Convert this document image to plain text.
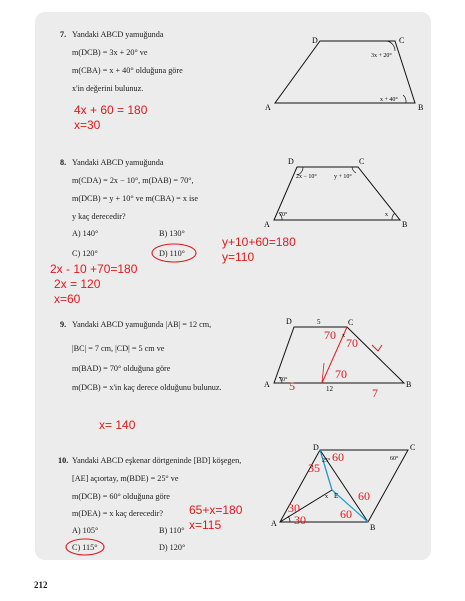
7. Yandaki ABCD yamuğunda
m(DCB) = 3x + 20° ve
m(CBA) = x + 40° olduğuna göre
x'in değerini bulunuz.
4x + 60 = 180
x=30
D	C
A	B
3x + 20°
x + 40°
8. Yandaki ABCD yamuğunda
m(CDA) = 2x − 10°, m(DAB) = 70°,
m(DCB) = y + 10° ve m(CBA) = x ise
y kaç derecedir?
A) 140°	B) 130°
C) 120°	D) 110°
2x - 10 +70=180
2x = 120
x=60
y+10+60=180
y=110
D	C
A	B
2x − 10°	y + 10°
70°	x
9. Yandaki ABCD yamuğunda |AB| = 12 cm,
|BC| = 7 cm, |CD| = 5 cm ve
m(BAD) = 70° olduğuna göre
m(DCB) = x'in kaç derece olduğunu bulunuz.
x= 140
D	C
A	B
5
12
70°
x
70
70
70
7
5
10. Yandaki ABCD eşkenar dörtgeninde [BD] köşegen,
[AE] açıortay, m(BDE) = 25° ve
m(DCB) = 60° olduğuna göre
m(DEA) = x kaç derecedir?
A) 105°	B) 110°
C) 115°	D) 120°
65+x=180
x=115
D	C
A	B
E
25°	60°
x
60
35
60
60
30
30
212
